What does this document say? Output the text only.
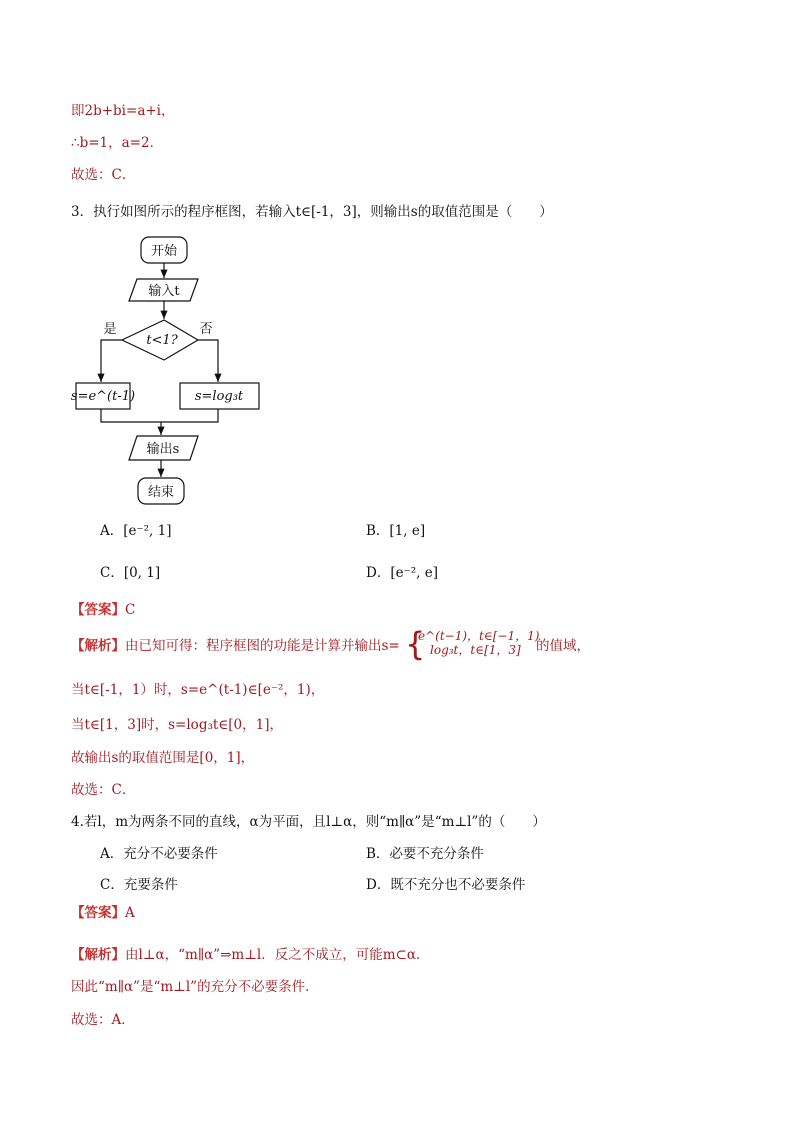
即2b+bi=a+i，
∴b=1，a=2．
故选：C．
3．执行如图所示的程序框图，若输入t∈[-1，3]，则输出s的取值范围是（　　）
开始
输入t
t<1?
是	否
s=e^(t-1)	s=log₃t
输出s
结束
A．[e⁻², 1]	B．[1, e]
C．[0, 1]	D．[e⁻², e]
【答案】C
【解析】由已知可得：程序框图的功能是计算并输出s= {
e^(t−1)，t∈[−1，1)
log₃t，t∈[1，3] 的值域，
当t∈[-1，1）时，s=e^(t-1)∈[e⁻²，1)，
当t∈[1，3]时，s=log₃t∈[0，1]，
故输出s的取值范围是[0，1]，
故选：C．
4.若l，m为两条不同的直线，α为平面，且l⊥α，则“m∥α”是“m⊥l”的（　　）
A．充分不必要条件	B．必要不充分条件
C．充要条件	D．既不充分也不必要条件
【答案】A
【解析】由l⊥α，“m∥α”⇒m⊥l．反之不成立，可能m⊂α．
因此“m∥α”是“m⊥l”的充分不必要条件．
故选：A．
